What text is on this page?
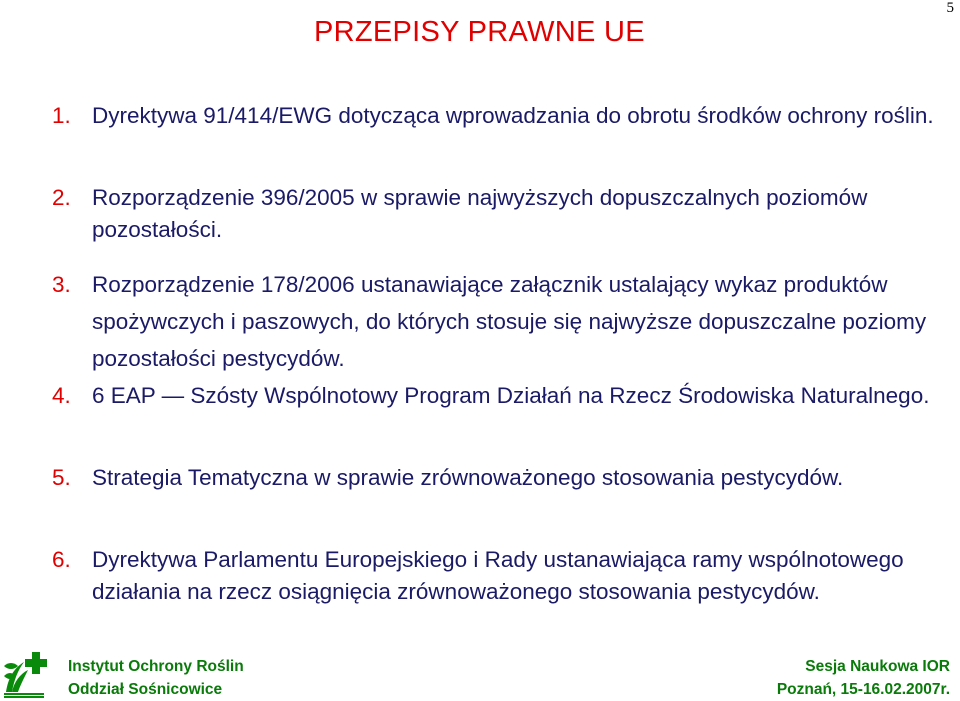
5
PRZEPISY PRAWNE UE
1. Dyrektywa 91/414/EWG dotycząca wprowadzania do obrotu środków ochrony roślin.
2. Rozporządzenie 396/2005 w sprawie najwyższych dopuszczalnych poziomów pozostałości.
3. Rozporządzenie 178/2006 ustanawiające załącznik ustalający wykaz produktów spożywczych i paszowych, do których stosuje się najwyższe dopuszczalne poziomy pozostałości pestycydów.
4. 6 EAP — Szósty Wspólnotowy Program Działań na Rzecz Środowiska Naturalnego.
5. Strategia Tematyczna w sprawie zrównoważonego stosowania pestycydów.
6. Dyrektywa Parlamentu Europejskiego i Rady ustanawiająca ramy wspólnotowego działania na rzecz osiągnięcia zrównoważonego stosowania pestycydów.
Instytut Ochrony Roślin
Oddział Sośnicowice
Sesja Naukowa IOR
Poznań, 15-16.02.2007r.
